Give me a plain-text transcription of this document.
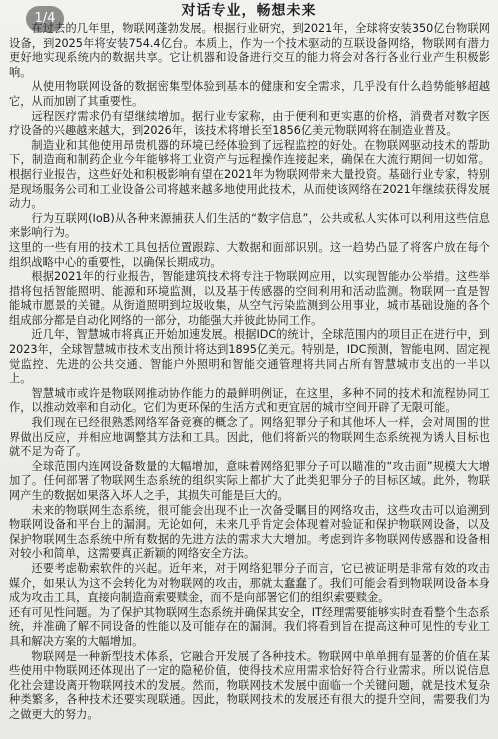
对话专业，畅想未来
1/4

在过去的几年里，物联网蓬勃发展。根据行业研究，到2021年，全球将安装350亿台物联网设备，到2025年将安装754.4亿台。本质上，作为一个技术驱动的互联设备网络，物联网有潜力更好地实现系统内的数据共享。它让机器和设备进行交互的能力将会对各行各业行业产生积极影响。

从使用物联网设备的数据密集型体验到基本的健康和安全需求，几乎没有什么趋势能够超越它，从而加剧了其重要性。

远程医疗需求仍有望继续增加。据行业专家称，由于便利和更实惠的价格，消费者对数字医疗设备的兴趣越来越大，到2026年，该技术将增长至1856亿美元物联网将在制造业普及。

制造业和其他使用昂贵机器的环境已经体验到了远程监控的好处。在物联网驱动技术的帮助下，制造商和制药企业今年能够将工业资产与远程操作连接起来，确保在大流行期间一切如常。根据行业报告，这些好处和积极影响有望在2021年为物联网带来大量投资。基础行业专家，特别是现场服务公司和工业设备公司将越来越多地使用此技术，从而使该网络在2021年继续获得发展动力。

行为互联网(IoB)从各种来源捕获人们生活的“数字信息”，公共或私人实体可以利用这些信息来影响行为。

这里的一些有用的技术工具包括位置跟踪、大数据和面部识别。这一趋势凸显了将客户放在每个组织战略中心的重要性，以确保长期成功。

根据2021年的行业报告，智能建筑技术将专注于物联网应用，以实现智能办公举措。这些举措将包括智能照明、能源和环境监测，以及基于传感器的空间利用和活动监测。物联网一直是智能城市愿景的关键。从街道照明到垃圾收集，从空气污染监测到公用事业，城市基础设施的各个组成部分都是自动化网络的一部分，功能强大并彼此协同工作。

近几年，智慧城市将真正开始加速发展。根据IDC的统计，全球范围内的项目正在进行中，到2023年，全球智慧城市技术支出预计将达到1895亿美元。特别是，IDC预测，智能电网、固定视觉监控、先进的公共交通、智能户外照明和智能交通管理将共同占所有智慧城市支出的一半以上。

智慧城市或许是物联网推动协作能力的最鲜明例证，在这里，多种不同的技术和流程协同工作，以推动效率和自动化。它们为更环保的生活方式和更宜居的城市空间开辟了无限可能。

我们现在已经很熟悉网络军备竞赛的概念了。网络犯罪分子和其他坏人一样，会对周围的世界做出反应，并相应地调整其方法和工具。因此，他们将新兴的物联网生态系统视为诱人目标也就不足为奇了。

全球范围内连网设备数量的大幅增加，意味着网络犯罪分子可以瞄准的“攻击面”规模大大增加了。任何部署了物联网生态系统的组织实际上都扩大了此类犯罪分子的目标区域。此外，物联网产生的数据如果落入坏人之手，其损失可能是巨大的。

未来的物联网生态系统，很可能会出现不止一次备受瞩目的网络攻击，这些攻击可以追溯到物联网设备和平台上的漏洞。无论如何，未来几乎肯定会体现着对验证和保护物联网设备，以及保护物联网生态系统中所有数据的先进方法的需求大大增加。考虑到许多物联网传感器和设备相对较小和简单，这需要真正新颖的网络安全方法。

还要考虑勒索软件的兴起。近年来，对于网络犯罪分子而言，它已被证明是非常有效的攻击媒介，如果认为这不会转化为对物联网的攻击，那就太蠢蠢了。我们可能会看到物联网设备本身成为攻击工具，直接向制造商索要赎金，而不是向部署它们的组织索要赎金。

还有可见性问题。为了保护其物联网生态系统并确保其安全，IT经理需要能够实时查看整个生态系统，并准确了解不同设备的性能以及可能存在的漏洞。我们将看到旨在提高这种可见性的专业工具和解决方案的大幅增加。

物联网是一种新型技术体系，它融合开发展了各种技术。物联网中单单拥有显著的价值在某些使用中物联网还体现出了一定的隐秘价值，使得技术应用需求恰好符合行业需求。所以说信息化社会建设离开物联网技术的发展。然而，物联网技术发展中面临一个关键问题，就是技术复杂种类繁多，各种技术还要实现联通。因此，物联网技术的发展还有很大的提升空间，需要我们为之做更大的努力。
